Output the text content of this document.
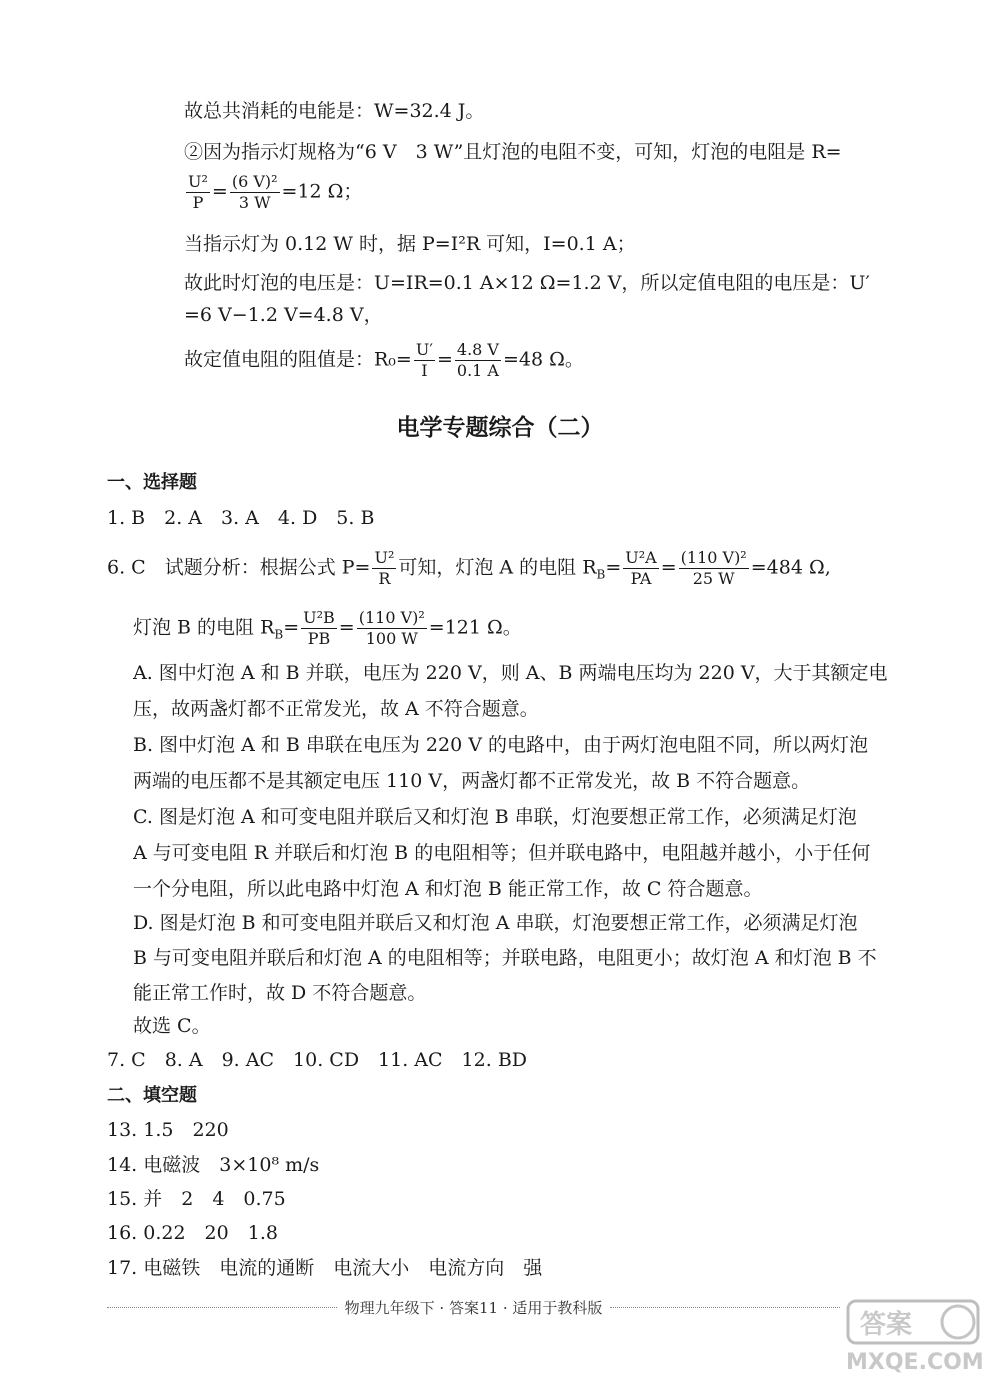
故总共消耗的电能是：W=32.4 J。
②因为指示灯规格为“6 V　3 W”且灯泡的电阻不变，可知，灯泡的电阻是 R=
$\frac{\text{U²}}{P} = \frac{\text{(6 V)²}}{3 W} =12$ Ω；
当指示灯为 0.12 W 时，据 P=I²R 可知，I=0.1 A；
故此时灯泡的电压是：U=IR=0.1 A×12 Ω=1.2 V，所以定值电阻的电压是：U′
=6 V−1.2 V=4.8 V，
故定值电阻的阻值是：$R_0= \frac{U'}{I} = \frac{4.8 V}{0.1 A} =48$ Ω。
电学专题综合（二）
一、选择题
1. B　2. A　3. A　4. D　5. B
6. C　试题分析：根据公式 $P= \frac{\text{U²}}{R}$ 可知，灯泡 A 的电阻 $R_B= \frac{\text{U²A}}{PA} = \frac{\text{(110 V)²}}{25 W} =484$ Ω,
灯泡 B 的电阻 $R_B= \frac{\text{U²B}}{PB} = \frac{\text{(110 V)²}}{100 W} =121$ Ω。
A. 图中灯泡 A 和 B 并联，电压为 220 V，则 A、B 两端电压均为 220 V，大于其额定电
压，故两盏灯都不正常发光，故 A 不符合题意。
B. 图中灯泡 A 和 B 串联在电压为 220 V 的电路中，由于两灯泡电阻不同，所以两灯泡
两端的电压都不是其额定电压 110 V，两盏灯都不正常发光，故 B 不符合题意。
C. 图是灯泡 A 和可变电阻并联后又和灯泡 B 串联，灯泡要想正常工作，必须满足灯泡
A 与可变电阻 R 并联后和灯泡 B 的电阻相等；但并联电路中，电阻越并越小，小于任何
一个分电阻，所以此电路中灯泡 A 和灯泡 B 能正常工作，故 C 符合题意。
D. 图是灯泡 B 和可变电阻并联后又和灯泡 A 串联，灯泡要想正常工作，必须满足灯泡
B 与可变电阻并联后和灯泡 A 的电阻相等；并联电路，电阻更小；故灯泡 A 和灯泡 B 不
能正常工作时，故 D 不符合题意。
故选 C。
7. C　8. A　9. AC　10. CD　11. AC　12. BD
二、填空题
13. 1.5　220
14. 电磁波　3×10⁸ m/s
15. 并　2　4　0.75
16. 0.22　20　1.8
17. 电磁铁　电流的通断　电流大小　电流方向　强
物理九年级下 · 答案11 · 适用于教科版
答案
MXQE.COM
